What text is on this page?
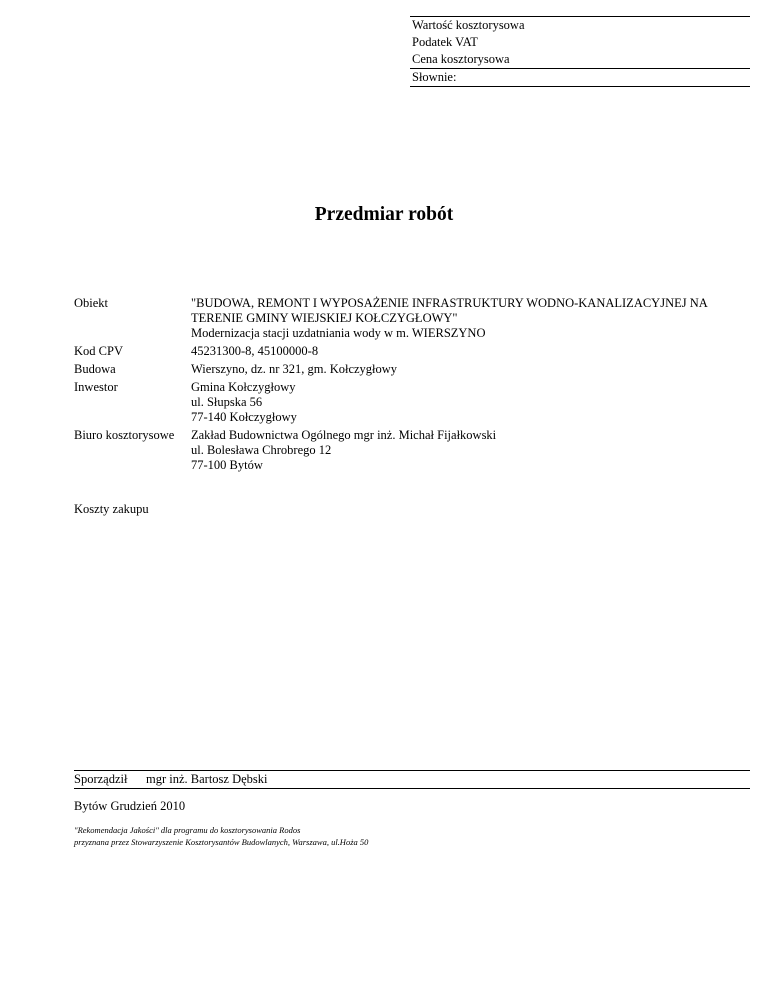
Wartość kosztorysowa
Podatek VAT
Cena kosztorysowa
Słownie:
Przedmiar robót
Obiekt	"BUDOWA, REMONT I WYPOSAŻENIE INFRASTRUKTURY WODNO-KANALIZACYJNEJ NA
TERENIE GMINY WIEJSKIEJ KOŁCZYGŁOWY"
Modernizacja stacji uzdatniania wody w m. WIERSZYNO
Kod CPV	45231300-8, 45100000-8
Budowa	Wierszyno, dz. nr 321, gm. Kołczygłowy
Inwestor	Gmina Kołczygłowy
ul. Słupska 56
77-140 Kołczygłowy
Biuro kosztorysowe	Zakład Budownictwa Ogólnego mgr inż. Michał Fijałkowski
ul. Bolesława Chrobrego 12
77-100 Bytów
Koszty zakupu
Sporządził	mgr inż. Bartosz Dębski
Bytów Grudzień 2010
"Rekomendacja Jakości" dla programu do kosztorysowania Rodos
przyznana przez Stowarzyszenie Kosztorysantów Budowlanych, Warszawa, ul.Hoża 50
